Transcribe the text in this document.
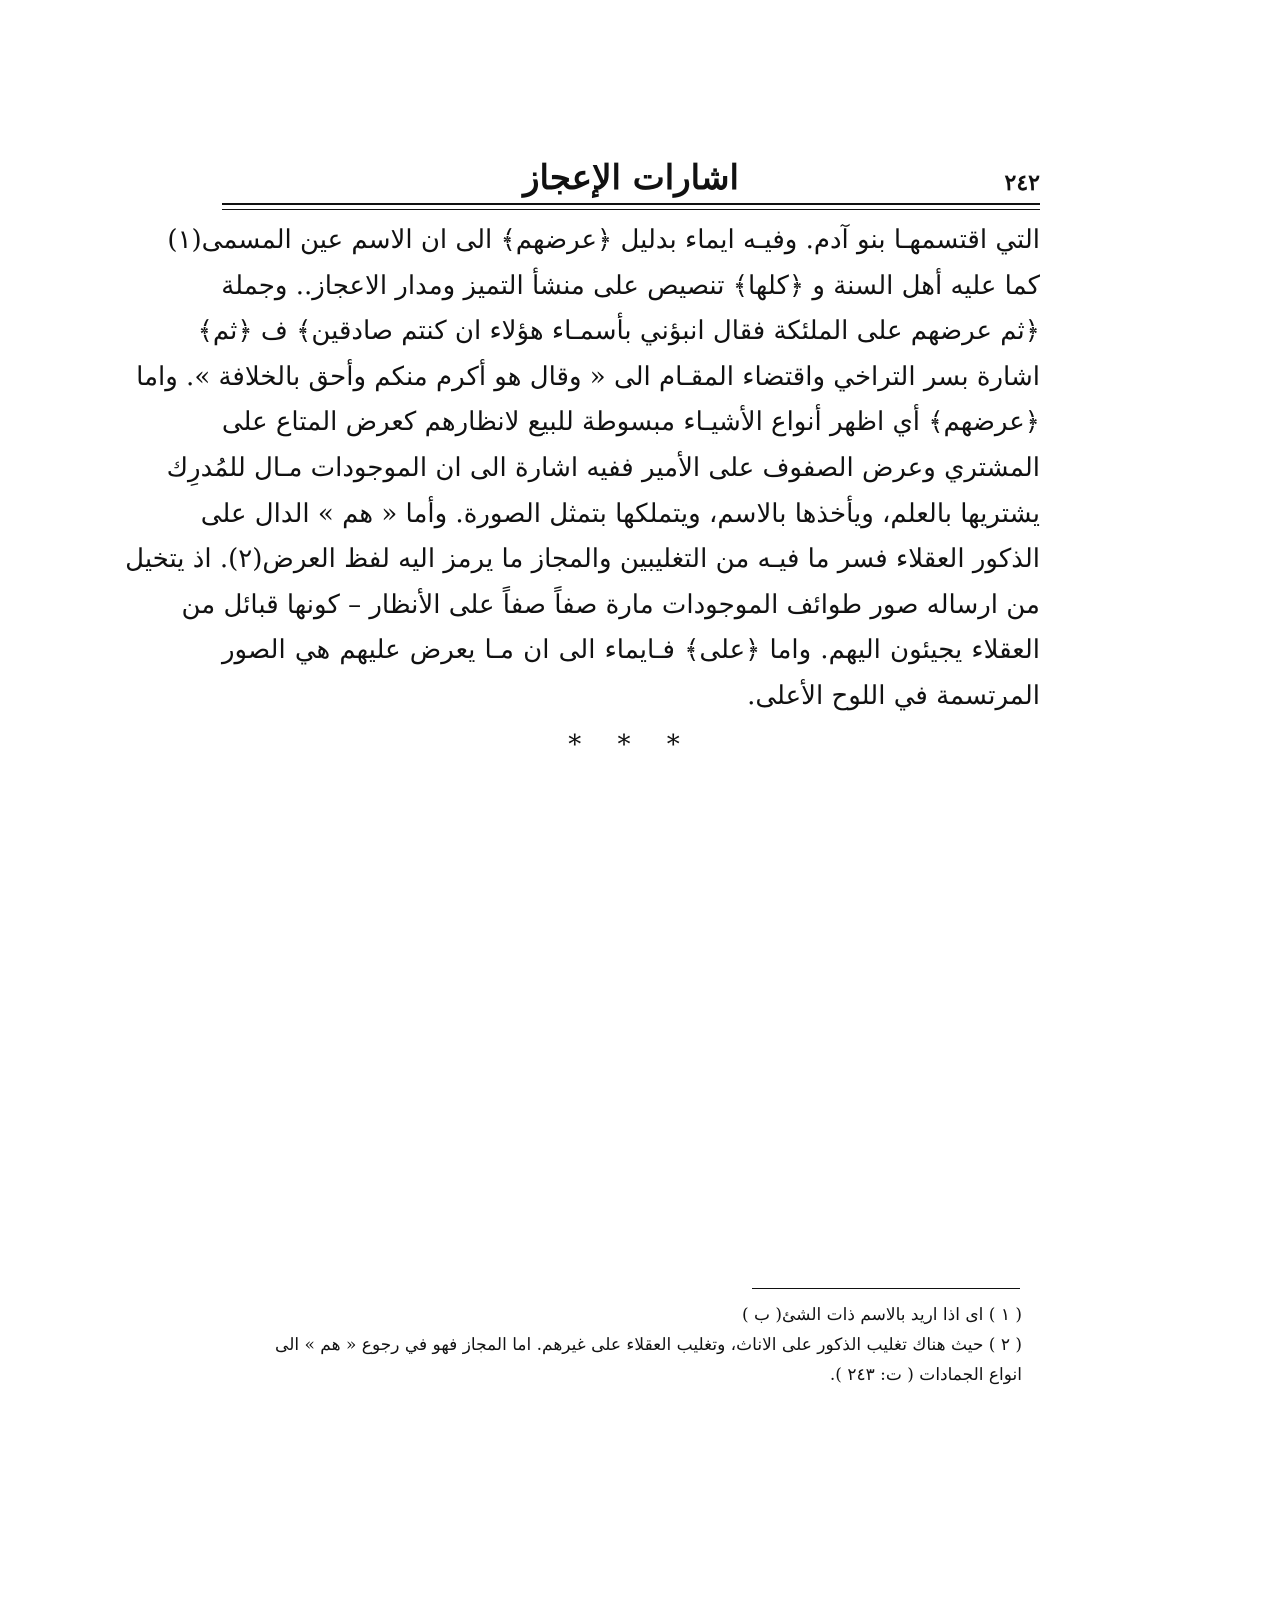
اشارات الإعجاز	٢٤٢
التي اقتسمهـا بنو آدم. وفيـه ايماء بدليل ﴿عرضهم﴾ الى ان الاسم عين المسمى(١)
كما عليه أهل السنة و ﴿كلها﴾ تنصيص على منشأ التميز ومدار الاعجاز.. وجملة
﴿ثم عرضهم على الملئكة فقال انبؤني بأسمـاء هؤلاء ان كنتم صادقين﴾ ف ﴿ثم﴾
اشارة بسر التراخي واقتضاء المقـام الى « وقال هو أكرم منكم وأحق بالخلافة ». واما
﴿عرضهم﴾ أي اظهر أنواع الأشيـاء مبسوطة للبيع لانظارهم كعرض المتاع على
المشتري وعرض الصفوف على الأمير ففيه اشارة الى ان الموجودات مـال للمُدرِك
يشتريها بالعلم، ويأخذها بالاسم، ويتملكها بتمثل الصورة. وأما « هم » الدال على
الذكور العقلاء فسر ما فيـه من التغليبين والمجاز ما يرمز اليه لفظ العرض(٢). اذ يتخيل
من ارساله صور طوائف الموجودات مارة صفاً صفاً على الأنظار – كونها قبائل من
العقلاء يجيئون اليهم. واما ﴿على﴾ فـايماء الى ان مـا يعرض عليهم هي الصور
المرتسمة في اللوح الأعلى.
* * *
( ١ ) اى اذا اريد بالاسم ذات الشئ( ب )
( ٢ ) حيث هناك تغليب الذكور على الاناث، وتغليب العقلاء على غيرهم. اما المجاز فهو في رجوع « هم » الى
انواع الجمادات ( ت: ٢٤٣ ).
